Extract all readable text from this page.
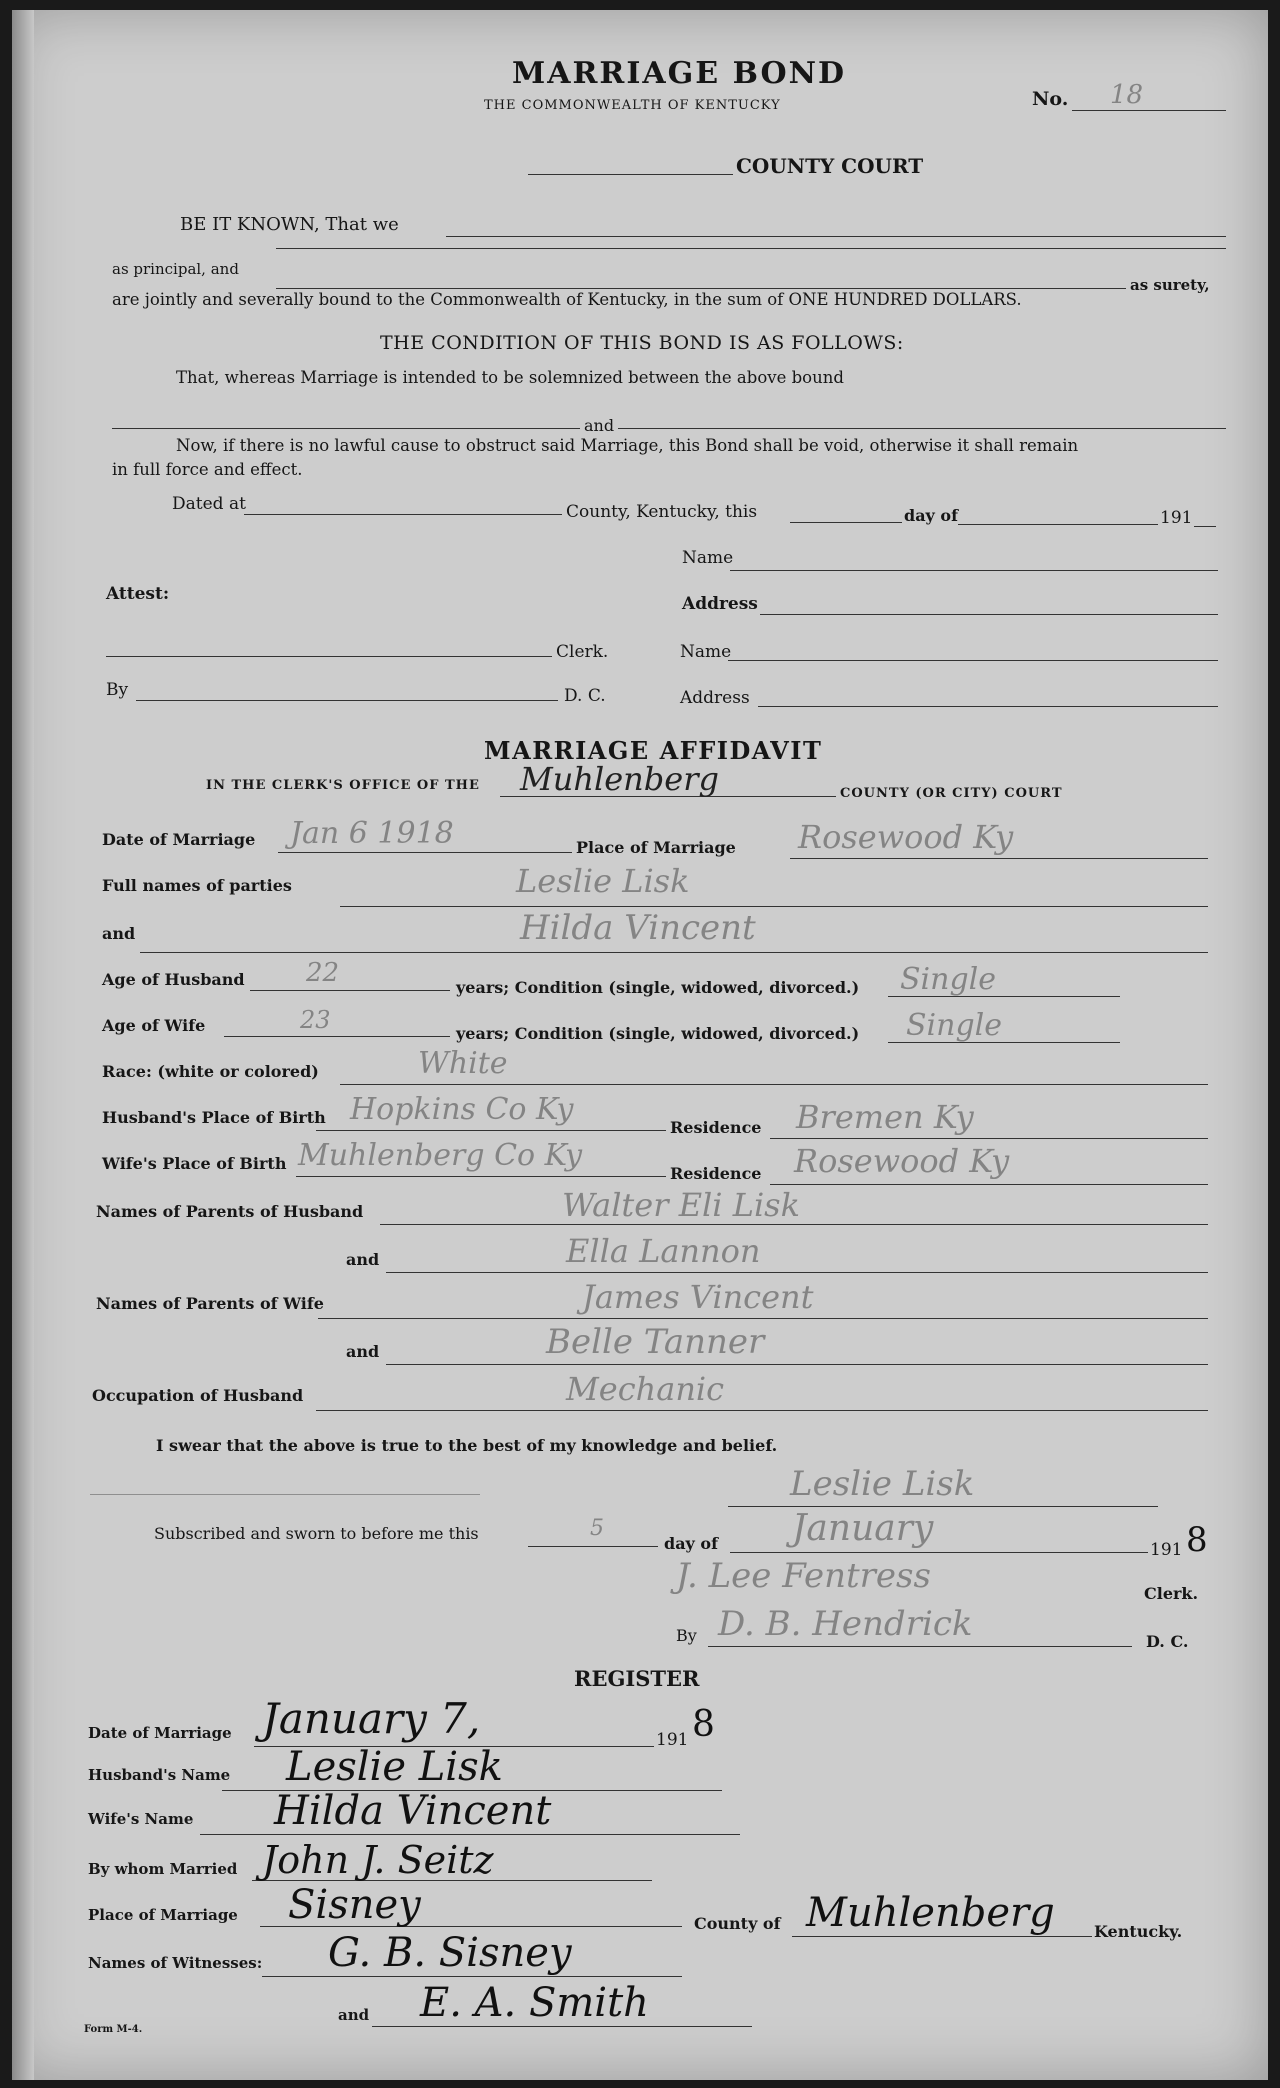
MARRIAGE BOND
THE COMMONWEALTH OF KENTUCKY	No. 18
COUNTY COURT
BE IT KNOWN, That we
as principal, and
as surety,
are jointly and severally bound to the Commonwealth of Kentucky, in the sum of ONE HUNDRED DOLLARS.
THE CONDITION OF THIS BOND IS AS FOLLOWS:
That, whereas Marriage is intended to be solemnized between the above bound
and
Now, if there is no lawful cause to obstruct said Marriage, this Bond shall be void, otherwise it shall remain
in full force and effect.
Dated at	County, Kentucky, this	day of	191
Name
Attest:	Address
Clerk.	Name
By	D. C.	Address
MARRIAGE AFFIDAVIT
IN THE CLERK'S OFFICE OF THE Muhlenberg	COUNTY (OR CITY) COURT
Date of Marriage Jan 6 1918	Place of Marriage Rosewood Ky
Full names of parties	Leslie Lisk
and	Hilda Vincent
Age of Husband 22	years; Condition (single, widowed, divorced.) Single
Age of Wife	23	years; Condition (single, widowed, divorced.) Single
Race: (white or colored)	White
Husband's Place of Birth Hopkins Co Ky
Residence Bremen Ky
Wife's Place of Birth Muhlenberg Co Ky
Residence Rosewood Ky
Names of Parents of Husband	Walter Eli Lisk
and	Ella Lannon
Names of Parents of Wife	James Vincent
and	Belle Tanner
Occupation of Husband	Mechanic
I swear that the above is true to the best of my knowledge and belief.
Leslie Lisk
Subscribed and sworn to before me this	5
day of January
191 8
J. Lee Fentress	Clerk.
By D. B. Hendrick	D. C.
REGISTER
Date of Marriage January 7,	191 8
Husband's Name Leslie Lisk
Wife's Name Hilda Vincent
By whom Married John J. Seitz
Place of Marriage Sisney	County of Muhlenberg Kentucky.
Names of Witnesses: G. B. Sisney
and E. A. Smith
Form M-4.
